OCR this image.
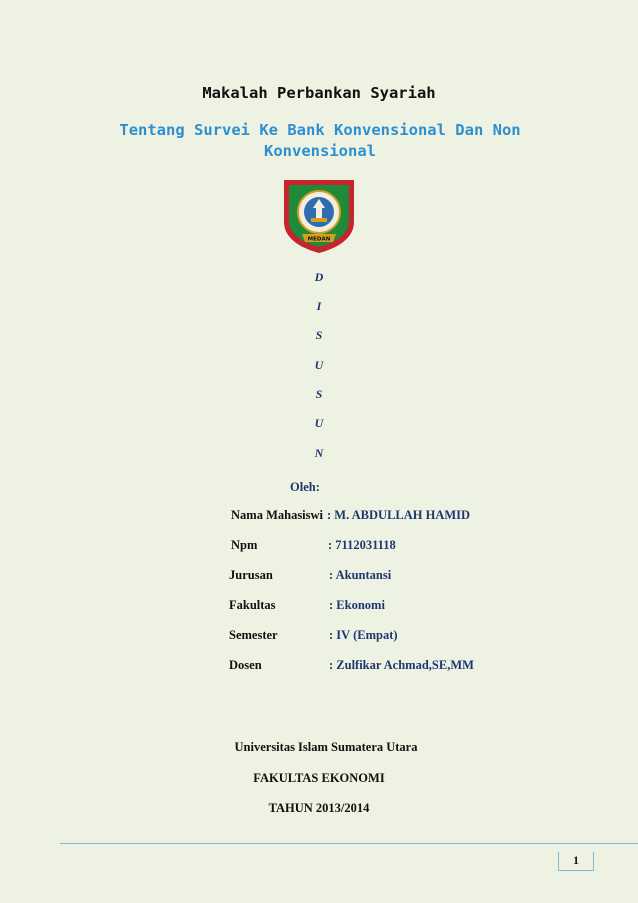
Makalah Perbankan Syariah
Tentang Survei Ke Bank Konvensional Dan Non Konvensional
MEDAN
D
I
S
U
S
U
N
Oleh:
Nama Mahasiswi : M. ABDULLAH HAMID
Npm	: 7112031118
Jurusan	: Akuntansi
Fakultas	: Ekonomi
Semester	: IV (Empat)
Dosen	: Zulfikar Achmad,SE,MM
Universitas Islam Sumatera Utara
FAKULTAS EKONOMI
TAHUN 2013/2014
1
